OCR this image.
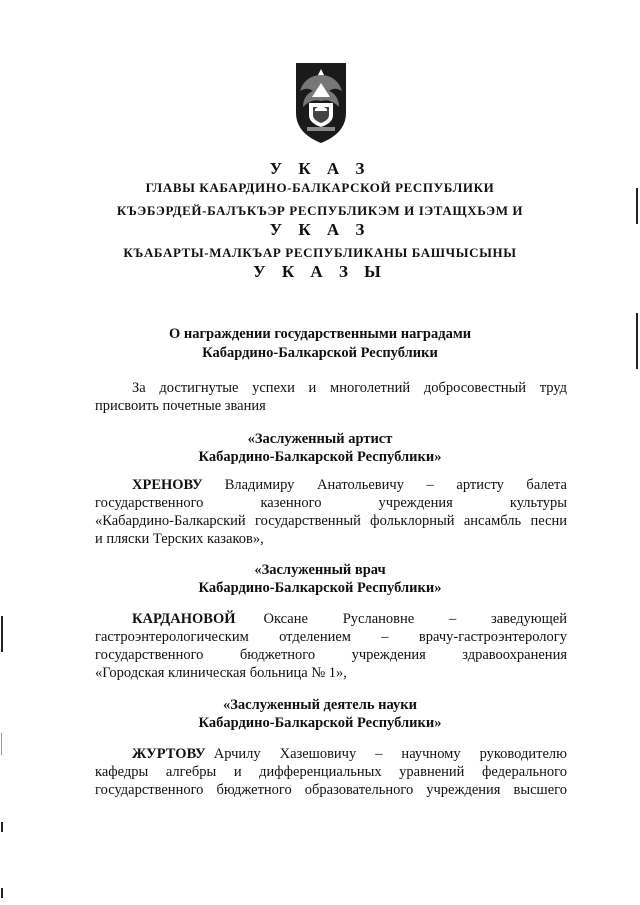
У К А З
ГЛАВЫ КАБАРДИНО-БАЛКАРСКОЙ РЕСПУБЛИКИ
КЪЭБЭРДЕЙ-БАЛЪКЪЭР РЕСПУБЛИКЭМ И ІЭТАЩХЬЭМ И
У К А З
КЪАБАРТЫ-МАЛКЪАР РЕСПУБЛИКАНЫ БАШЧЫСЫНЫ
У К А З Ы
О награждении государственными наградами
Кабардино-Балкарской Республики
За достигнутые успехи и многолетний добросовестный труд
присвоить почетные звания
«Заслуженный артист
Кабардино-Балкарской Республики»
ХРЕНОВУ Владимиру Анатольевичу – артисту балета
государственного казенного учреждения культуры
«Кабардино-Балкарский государственный фольклорный ансамбль песни
и пляски Терских казаков»,
«Заслуженный врач
Кабардино-Балкарской Республики»
КАРДАНОВОЙ Оксане Руслановне – заведующей
гастроэнтерологическим отделением – врачу-гастроэнтерологу
государственного бюджетного учреждения здравоохранения
«Городская клиническая больница № 1»,
«Заслуженный деятель науки
Кабардино-Балкарской Республики»
ЖУРТОВУ Арчилу Хазешовичу – научному руководителю
кафедры алгебры и дифференциальных уравнений федерального
государственного бюджетного образовательного учреждения высшего
